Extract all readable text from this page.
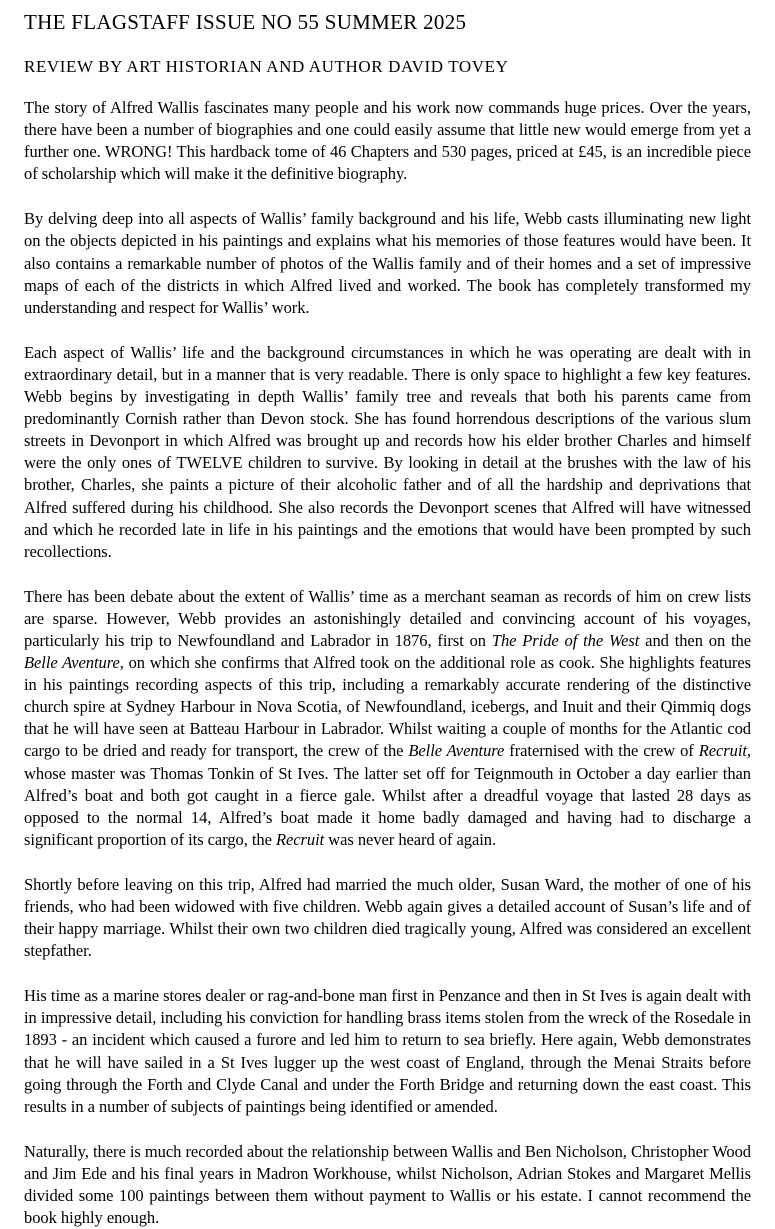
THE FLAGSTAFF ISSUE NO 55 SUMMER 2025
REVIEW BY ART HISTORIAN AND AUTHOR DAVID TOVEY

The story of Alfred Wallis fascinates many people and his work now commands huge prices. Over the years, there have been a number of biographies and one could easily assume that little new would emerge from yet a further one. WRONG! This hardback tome of 46 Chapters and 530 pages, priced at £45, is an incredible piece of scholarship which will make it the definitive biography.

By delving deep into all aspects of Wallis’ family background and his life, Webb casts illuminating new light on the objects depicted in his paintings and explains what his memories of those features would have been. It also contains a remarkable number of photos of the Wallis family and of their homes and a set of impressive maps of each of the districts in which Alfred lived and worked. The book has completely transformed my understanding and respect for Wallis’ work.

Each aspect of Wallis’ life and the background circumstances in which he was operating are dealt with in extraordinary detail, but in a manner that is very readable. There is only space to highlight a few key features. Webb begins by investigating in depth Wallis’ family tree and reveals that both his parents came from predominantly Cornish rather than Devon stock. She has found horrendous descriptions of the various slum streets in Devonport in which Alfred was brought up and records how his elder brother Charles and himself were the only ones of TWELVE children to survive. By looking in detail at the brushes with the law of his brother, Charles, she paints a picture of their alcoholic father and of all the hardship and deprivations that Alfred suffered during his childhood. She also records the Devonport scenes that Alfred will have witnessed and which he recorded late in life in his paintings and the emotions that would have been prompted by such recollections.

There has been debate about the extent of Wallis’ time as a merchant seaman as records of him on crew lists are sparse. However, Webb provides an astonishingly detailed and convincing account of his voyages, particularly his trip to Newfoundland and Labrador in 1876, first on The Pride of the West and then on the Belle Aventure, on which she confirms that Alfred took on the additional role as cook. She highlights features in his paintings recording aspects of this trip, including a remarkably accurate rendering of the distinctive church spire at Sydney Harbour in Nova Scotia, of Newfoundland, icebergs, and Inuit and their Qimmiq dogs that he will have seen at Batteau Harbour in Labrador. Whilst waiting a couple of months for the Atlantic cod cargo to be dried and ready for transport, the crew of the Belle Aventure fraternised with the crew of Recruit, whose master was Thomas Tonkin of St Ives. The latter set off for Teignmouth in October a day earlier than Alfred’s boat and both got caught in a fierce gale. Whilst after a dreadful voyage that lasted 28 days as opposed to the normal 14, Alfred’s boat made it home badly damaged and having had to discharge a significant proportion of its cargo, the Recruit was never heard of again.

Shortly before leaving on this trip, Alfred had married the much older, Susan Ward, the mother of one of his friends, who had been widowed with five children. Webb again gives a detailed account of Susan’s life and of their happy marriage. Whilst their own two children died tragically young, Alfred was considered an excellent stepfather.

His time as a marine stores dealer or rag-and-bone man first in Penzance and then in St Ives is again dealt with in impressive detail, including his conviction for handling brass items stolen from the wreck of the Rosedale in 1893 - an incident which caused a furore and led him to return to sea briefly. Here again, Webb demonstrates that he will have sailed in a St Ives lugger up the west coast of England, through the Menai Straits before going through the Forth and Clyde Canal and under the Forth Bridge and returning down the east coast. This results in a number of subjects of paintings being identified or amended.

Naturally, there is much recorded about the relationship between Wallis and Ben Nicholson, Christopher Wood and Jim Ede and his final years in Madron Workhouse, whilst Nicholson, Adrian Stokes and Margaret Mellis divided some 100 paintings between them without payment to Wallis or his estate. I cannot recommend the book highly enough.
